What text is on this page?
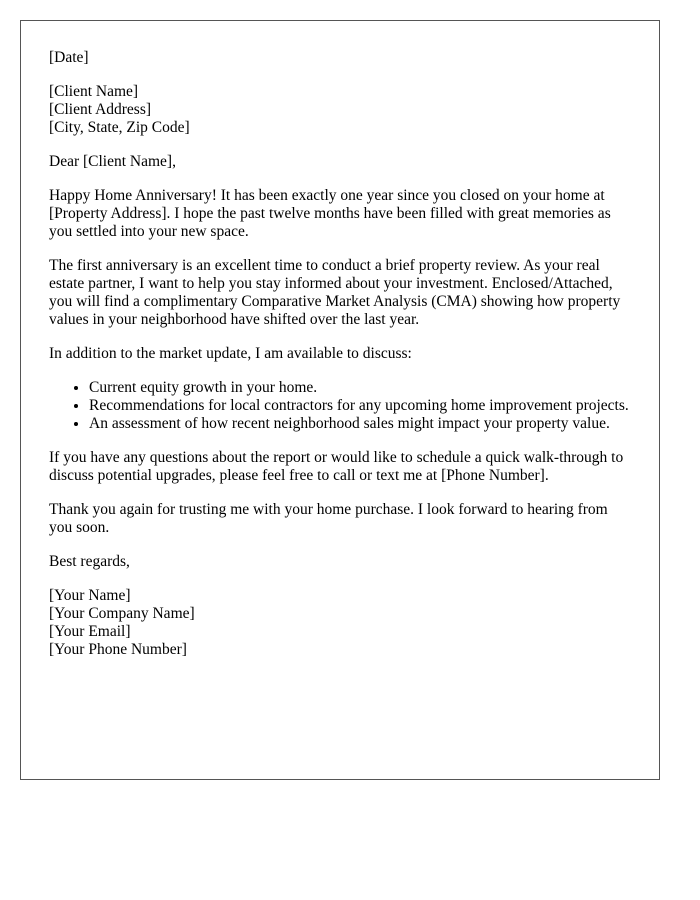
[Date]
[Client Name]
[Client Address]
[City, State, Zip Code]

Dear [Client Name],

Happy Home Anniversary! It has been exactly one year since you closed on your home at [Property Address]. I hope the past twelve months have been filled with great memories as you settled into your new space.

The first anniversary is an excellent time to conduct a brief property review. As your real estate partner, I want to help you stay informed about your investment. Enclosed/Attached, you will find a complimentary Comparative Market Analysis (CMA) showing how property values in your neighborhood have shifted over the last year.

In addition to the market update, I am available to discuss:

• Current equity growth in your home.
• Recommendations for local contractors for any upcoming home improvement projects.
• An assessment of how recent neighborhood sales might impact your property value.

If you have any questions about the report or would like to schedule a quick walk-through to discuss potential upgrades, please feel free to call or text me at [Phone Number].

Thank you again for trusting me with your home purchase. I look forward to hearing from you soon.

Best regards,

[Your Name]
[Your Company Name]
[Your Email]
[Your Phone Number]
